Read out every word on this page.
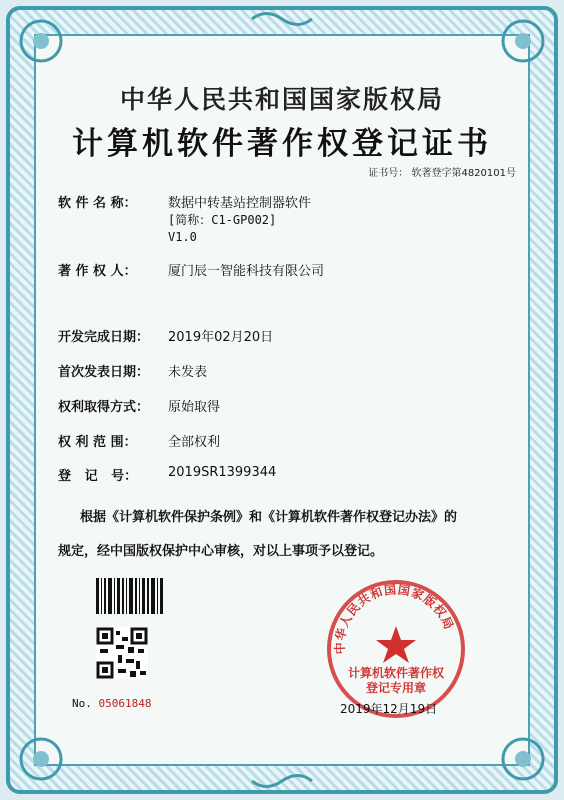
中华人民共和国国家版权局
计算机软件著作权登记证书
证书号： 软著登字第4820101号
软 件 名 称： 数据中转基站控制器软件
[简称：C1-GP002]
V1.0
著 作 权 人： 厦门辰一智能科技有限公司
开发完成日期： 2019年02月20日
首次发表日期： 未发表
权利取得方式： 原始取得
权 利 范 围： 全部权利
登   记   号： 2019SR1399344
根据《计算机软件保护条例》和《计算机软件著作权登记办法》的
规定，经中国版权保护中心审核，对以上事项予以登记。
No. 05061848
中华人民共和国国家版权局
计算机软件著作权
登记专用章
2019年12月19日
